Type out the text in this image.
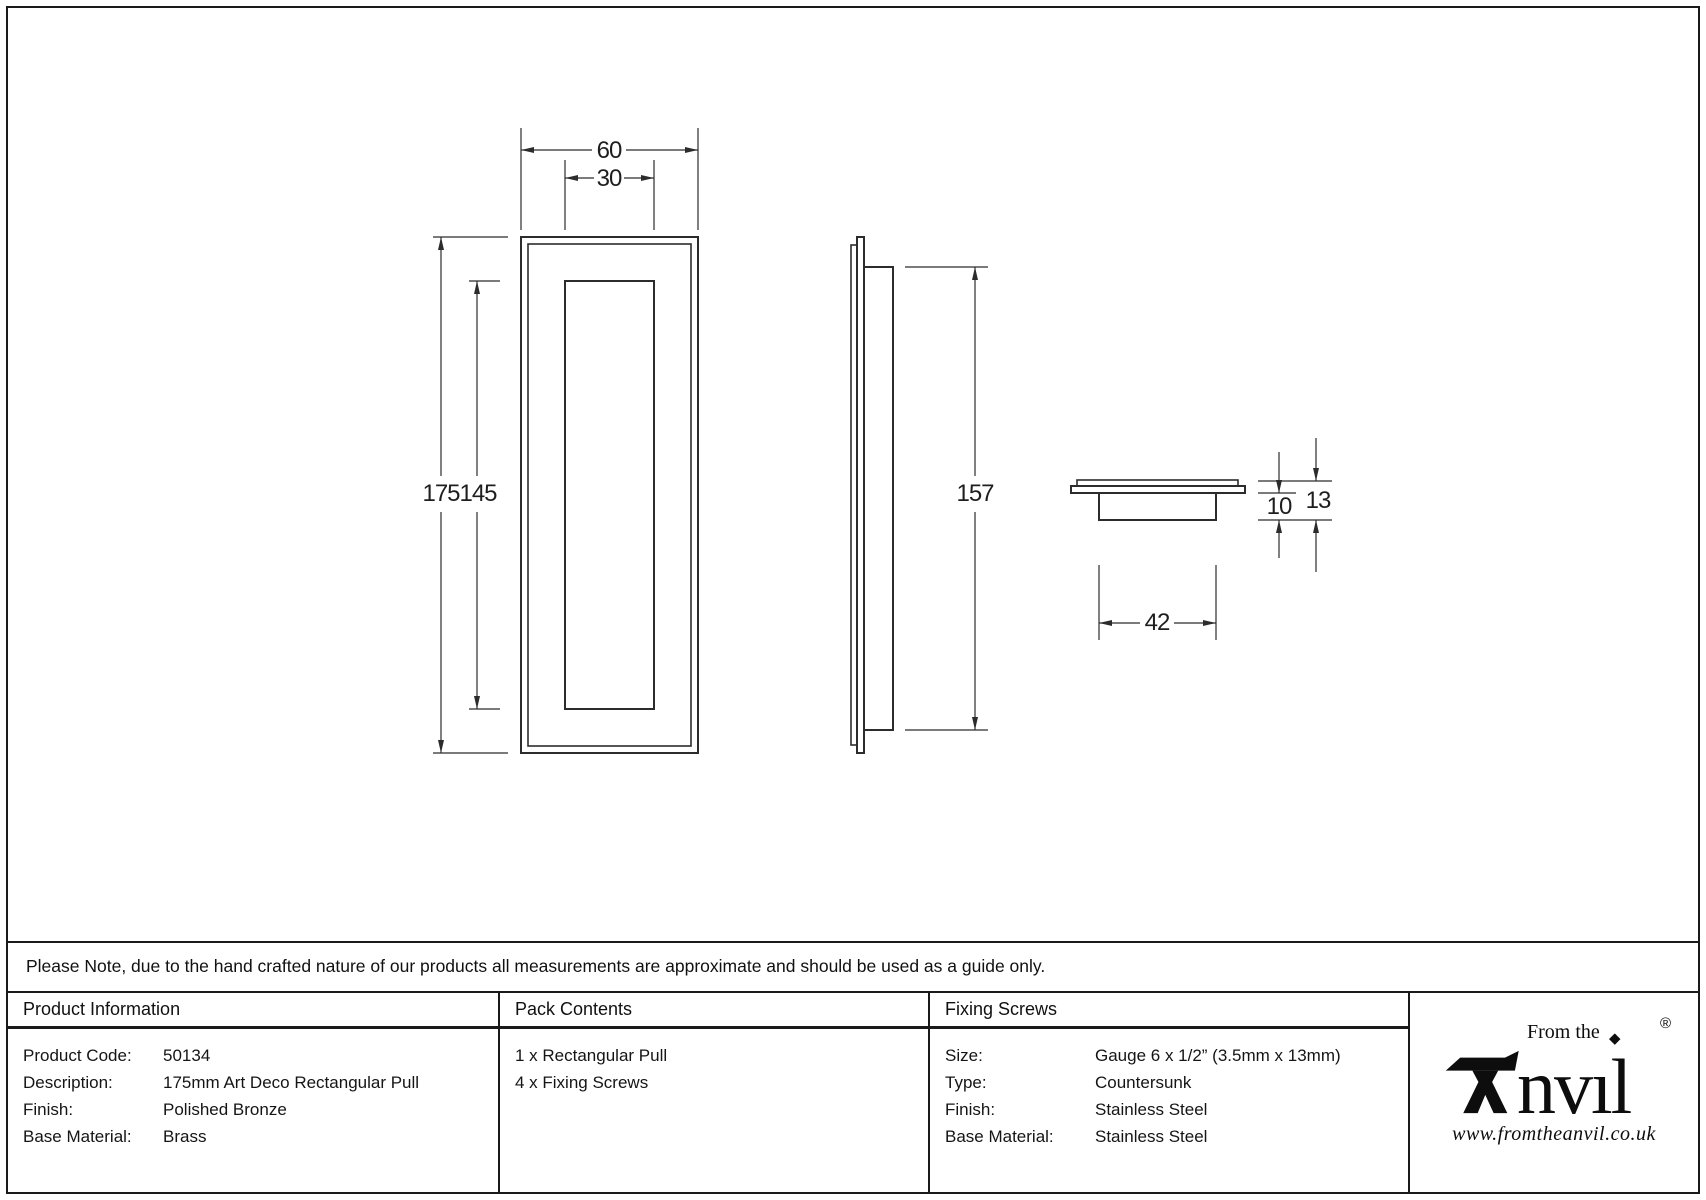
60
30
175 145	157	10 13
42
Please Note, due to the hand crafted nature of our products all measurements are approximate and should be used as a guide only.
Product Information
Product Code:	50134
Description:	175mm Art Deco Rectangular Pull
Finish:	Polished Bronze
Base Material:	Brass
Pack Contents
1 x Rectangular Pull
4 x Fixing Screws
Fixing Screws
Size:	Gauge 6 x 1/2” (3.5mm x 13mm)
Type:	Countersunk
Finish:	Stainless Steel
Base Material:	Stainless Steel
From the ◆
®
nvıl
www.fromtheanvil.co.uk
